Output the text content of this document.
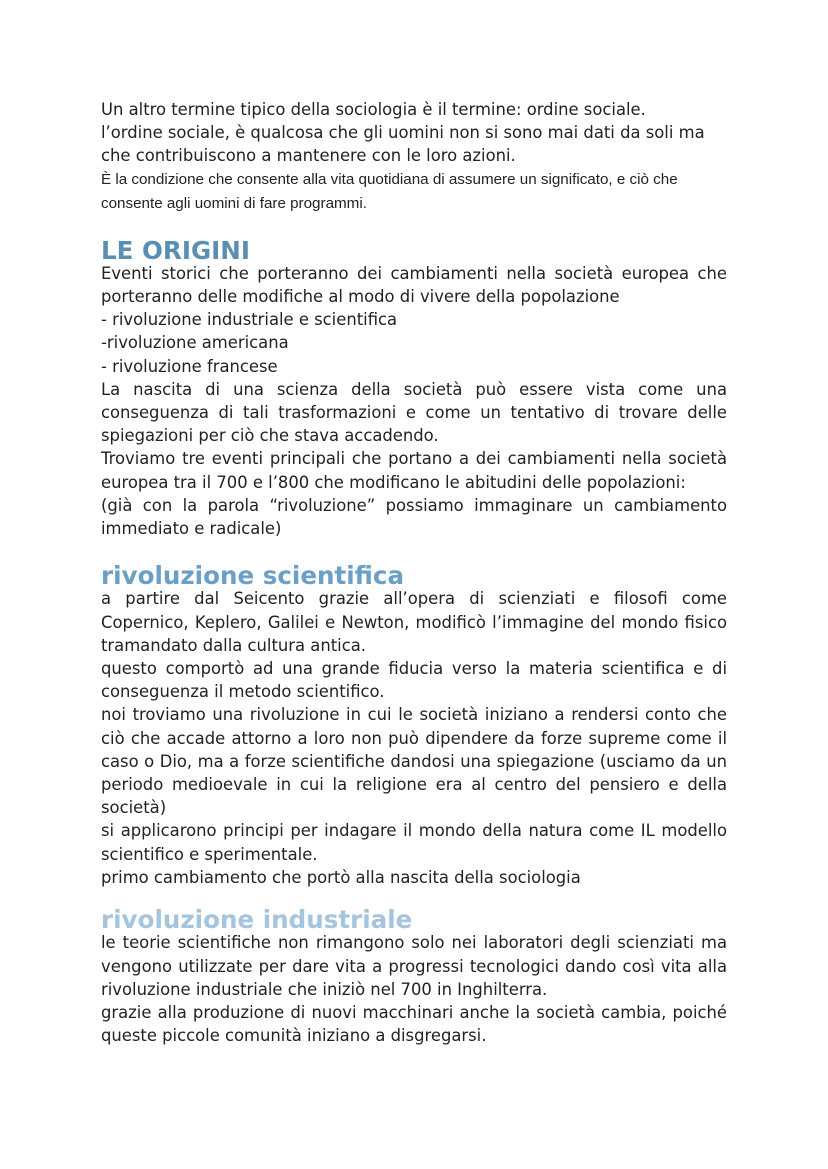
Un altro termine tipico della sociologia è il termine: ordine sociale.

l’ordine sociale, è qualcosa che gli uomini non si sono mai dati da soli ma che contribuiscono a mantenere con le loro azioni.

È la condizione che consente alla vita quotidiana di assumere un significato, e ciò che consente agli uomini di fare programmi.

LE ORIGINI

Eventi storici che porteranno dei cambiamenti nella società europea che porteranno delle modifiche al modo di vivere della popolazione

- rivoluzione industriale e scientifica

-rivoluzione americana

- rivoluzione francese

La nascita di una scienza della società può essere vista come una conseguenza di tali trasformazioni e come un tentativo di trovare delle spiegazioni per ciò che stava accadendo.

Troviamo tre eventi principali che portano a dei cambiamenti nella società europea tra il 700 e l’800 che modificano le abitudini delle popolazioni:

(già con la parola “rivoluzione” possiamo immaginare un cambiamento immediato e radicale)

rivoluzione scientifica

a partire dal Seicento grazie all’opera di scienziati e filosofi come Copernico, Keplero, Galilei e Newton, modificò l’immagine del mondo fisico tramandato dalla cultura antica.

questo comportò ad una grande fiducia verso la materia scientifica e di conseguenza il metodo scientifico.

noi troviamo una rivoluzione in cui le società iniziano a rendersi conto che ciò che accade attorno a loro non può dipendere da forze supreme come il caso o Dio, ma a forze scientifiche dandosi una spiegazione (usciamo da un periodo medioevale in cui la religione era al centro del pensiero e della società)

si applicarono principi per indagare il mondo della natura come IL modello scientifico e sperimentale.

primo cambiamento che portò alla nascita della sociologia

rivoluzione industriale

le teorie scientifiche non rimangono solo nei laboratori degli scienziati ma vengono utilizzate per dare vita a progressi tecnologici dando così vita alla rivoluzione industriale che iniziò nel 700 in Inghilterra.

grazie alla produzione di nuovi macchinari anche la società cambia, poiché queste piccole comunità iniziano a disgregarsi.
